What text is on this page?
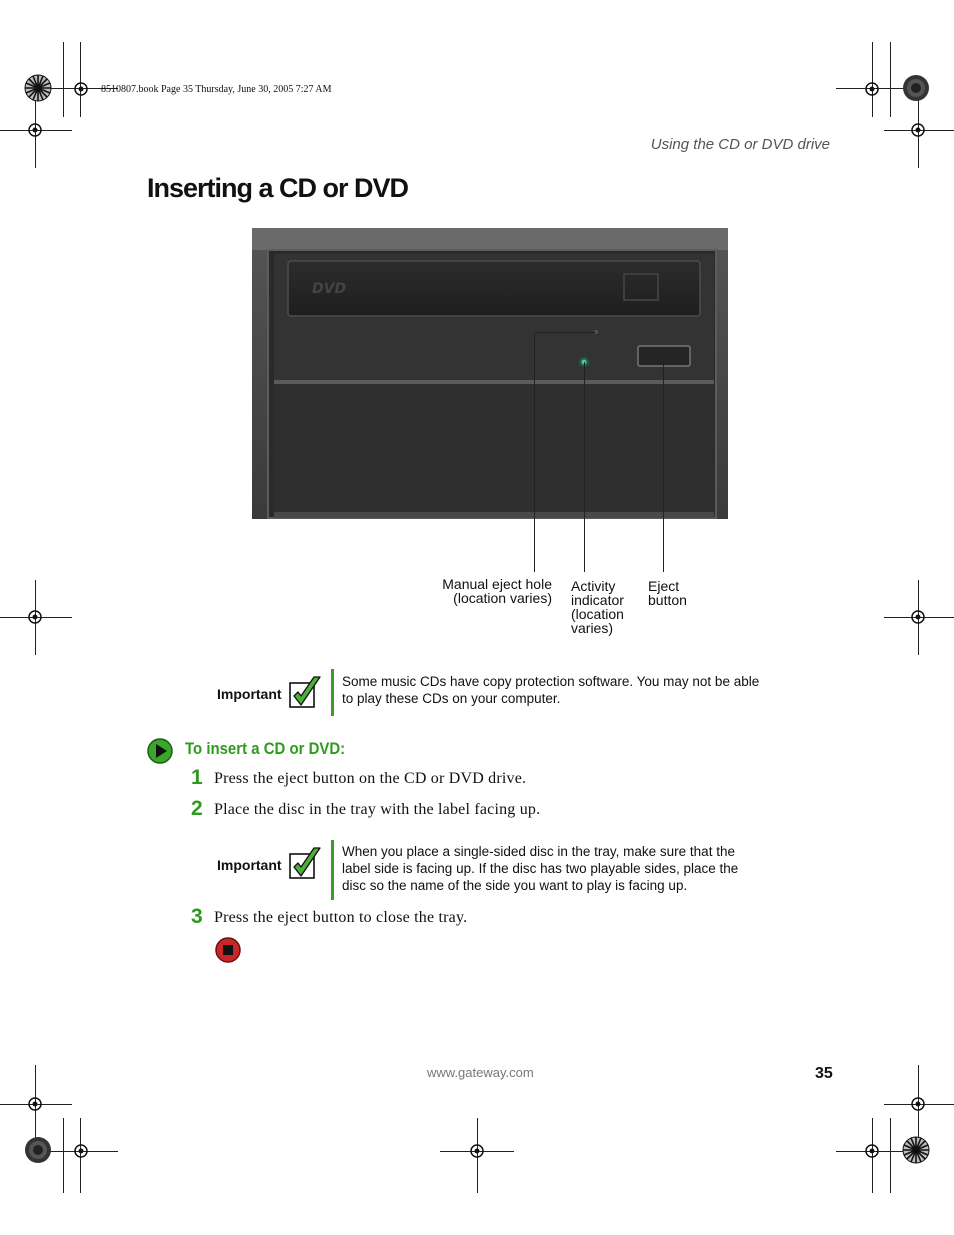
8510807.book Page 35 Thursday, June 30, 2005 7:27 AM
Using the CD or DVD drive
Inserting a CD or DVD
DVD
Manual eject hole
(location varies)
Activity
indicator
(location
varies)
Eject
button
Important
Some music CDs have copy protection software. You may not be able
to play these CDs on your computer.
To insert a CD or DVD:
1 Press the eject button on the CD or DVD drive.
2 Place the disc in the tray with the label facing up.
Important
When you place a single-sided disc in the tray, make sure that the
label side is facing up. If the disc has two playable sides, place the
disc so the name of the side you want to play is facing up.
3 Press the eject button to close the tray.
www.gateway.com	35
